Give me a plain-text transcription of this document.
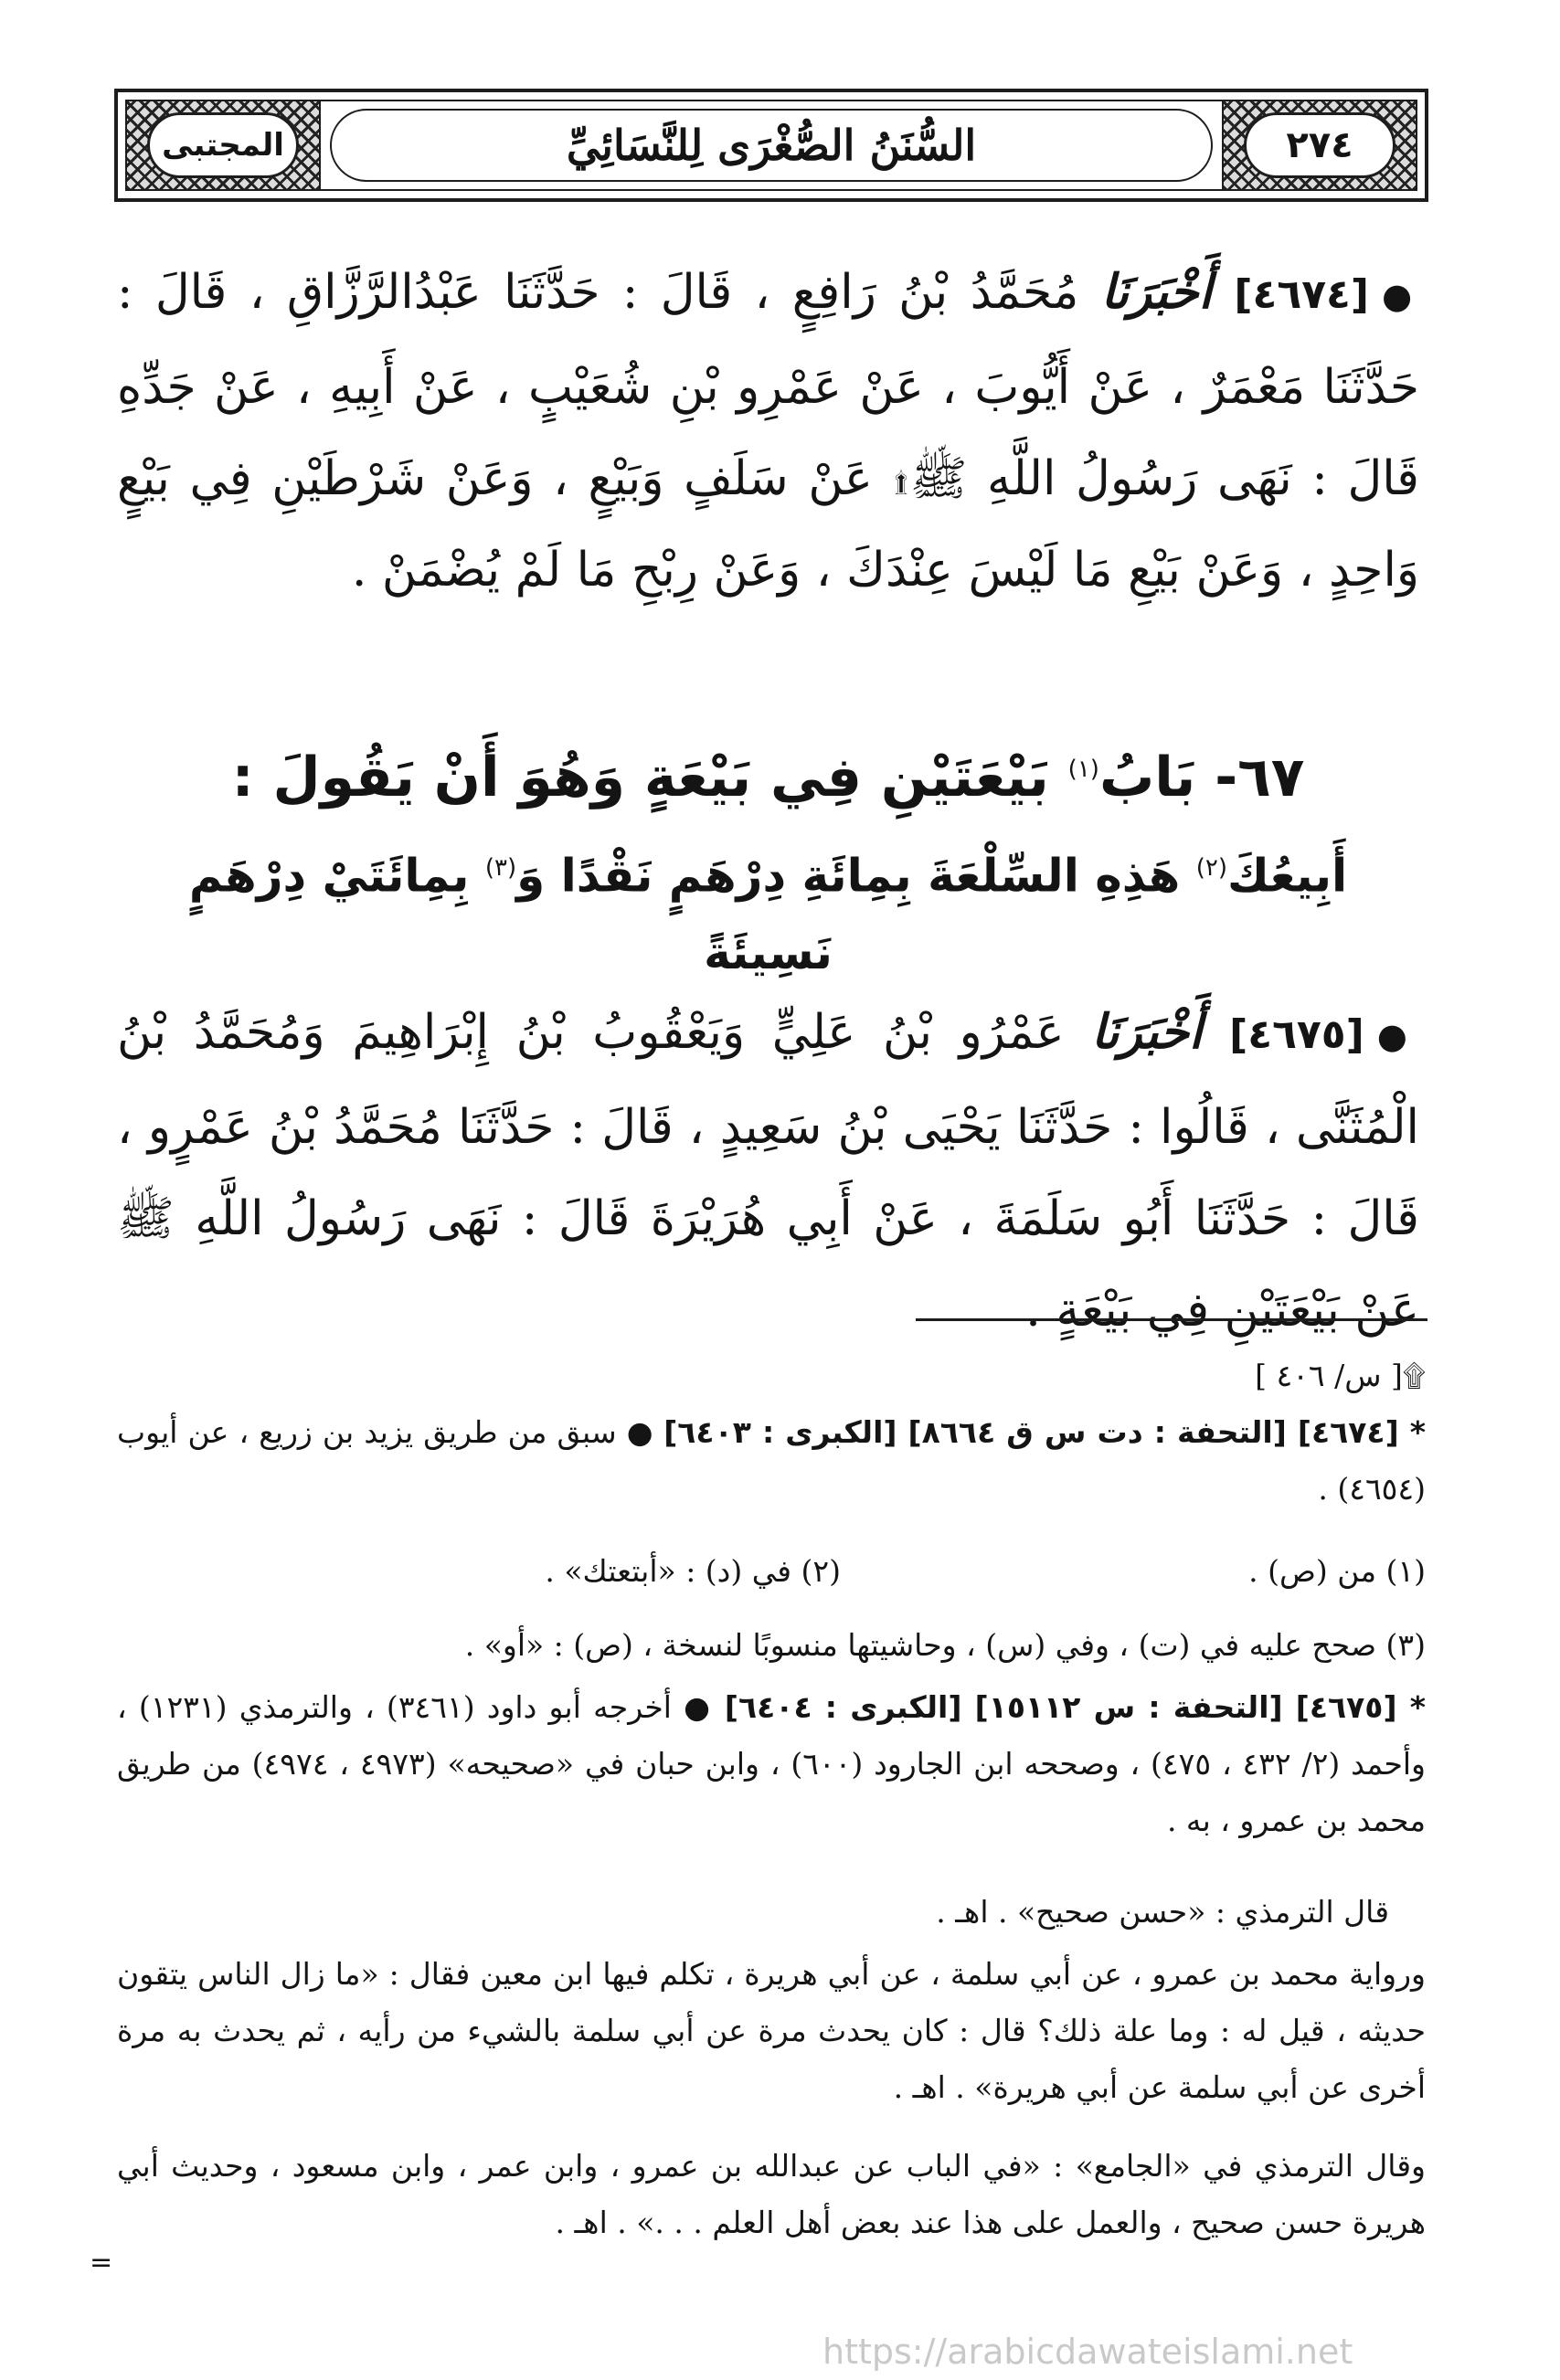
٢٧٤
السُّنَنُ الصُّغْرَى لِلنَّسَائِيِّ
المجتبى
●[٤٦٧٤] أَخْبَرَنَا مُحَمَّدُ بْنُ رَافِعٍ ، قَالَ : حَدَّثَنَا عَبْدُالرَّزَّاقِ ، قَالَ : حَدَّثَنَا مَعْمَرٌ ، عَنْ أَيُّوبَ ، عَنْ عَمْرِو بْنِ شُعَيْبٍ ، عَنْ أَبِيهِ ، عَنْ جَدِّهِ قَالَ : نَهَى رَسُولُ اللَّهِ ﷺ۩ عَنْ سَلَفٍ وَبَيْعٍ ، وَعَنْ شَرْطَيْنِ فِي بَيْعٍ وَاحِدٍ ، وَعَنْ بَيْعِ مَا لَيْسَ عِنْدَكَ ، وَعَنْ رِبْحِ مَا لَمْ يُضْمَنْ .
٦٧- بَابُ$^{(١)}$ بَيْعَتَيْنِ فِي بَيْعَةٍ وَهُوَ أَنْ يَقُولَ :
أَبِيعُكَ$^{(٢)}$ هَذِهِ السِّلْعَةَ بِمِائَةِ دِرْهَمٍ نَقْدًا وَ$^{(٣)}$ بِمِائَتَيْ دِرْهَمٍ نَسِيئَةً
●[٤٦٧٥] أَخْبَرَنَا عَمْرُو بْنُ عَلِيٍّ وَيَعْقُوبُ بْنُ إِبْرَاهِيمَ وَمُحَمَّدُ بْنُ الْمُثَنَّى ، قَالُوا : حَدَّثَنَا يَحْيَى بْنُ سَعِيدٍ ، قَالَ : حَدَّثَنَا مُحَمَّدُ بْنُ عَمْرٍو ، قَالَ : حَدَّثَنَا أَبُو سَلَمَةَ ، عَنْ أَبِي هُرَيْرَةَ قَالَ : نَهَى رَسُولُ اللَّهِ ﷺ عَنْ بَيْعَتَيْنِ فِي بَيْعَةٍ .
۩[ س/ ٤٠٦ ]
* [٤٦٧٤] [التحفة : دت س ق ٨٦٦٤] [الكبرى : ٦٤٠٣] ● سبق من طريق يزيد بن زريع ، عن أيوب (٤٦٥٤) .
(١) من (ص) .
(٢) في (د) : «أبتعتك» .
(٣) صحح عليه في (ت) ، وفي (س) ، وحاشيتها منسوبًا لنسخة ، (ص) : «أو» .
* [٤٦٧٥] [التحفة : س ١٥١١٢] [الكبرى : ٦٤٠٤] ● أخرجه أبو داود (٣٤٦١) ، والترمذي (١٢٣١) ، وأحمد (٢/ ٤٣٢ ، ٤٧٥) ، وصححه ابن الجارود (٦٠٠) ، وابن حبان في «صحيحه» (٤٩٧٣ ، ٤٩٧٤) من طريق محمد بن عمرو ، به .
قال الترمذي : «حسن صحيح» . اهـ .
ورواية محمد بن عمرو ، عن أبي سلمة ، عن أبي هريرة ، تكلم فيها ابن معين فقال : «ما زال الناس يتقون حديثه ، قيل له : وما علة ذلك؟ قال : كان يحدث مرة عن أبي سلمة بالشيء من رأيه ، ثم يحدث به مرة أخرى عن أبي سلمة عن أبي هريرة» . اهـ .
وقال الترمذي في «الجامع» : «في الباب عن عبدالله بن عمرو ، وابن عمر ، وابن مسعود ، وحديث أبي هريرة حسن صحيح ، والعمل على هذا عند بعض أهل العلم . . .» . اهـ .
=
https://arabicdawateislami.net
